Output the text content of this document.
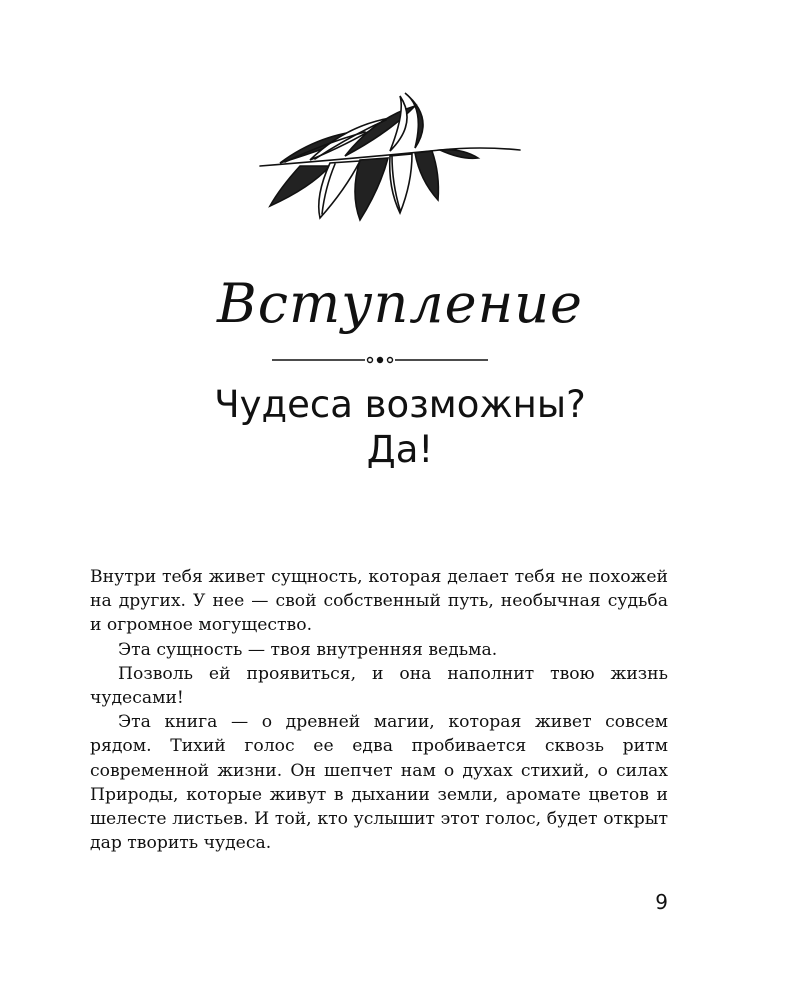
Вступление
Чудеса возможны?
Да!

Внутри тебя живет сущность, которая делает тебя не похожей на других. У нее — свой собственный путь, необычная судьба и огромное могущество.

Эта сущность — твоя внутренняя ведьма.

Позволь ей проявиться, и она наполнит твою жизнь чудесами!

Эта книга — о древней магии, которая живет совсем рядом. Тихий голос ее едва пробивается сквозь ритм современной жизни. Он шепчет нам о духах стихий, о силах Природы, которые живут в дыхании земли, аромате цветов и шелесте листьев. И той, кто услышит этот голос, будет открыт дар творить чудеса.

9
